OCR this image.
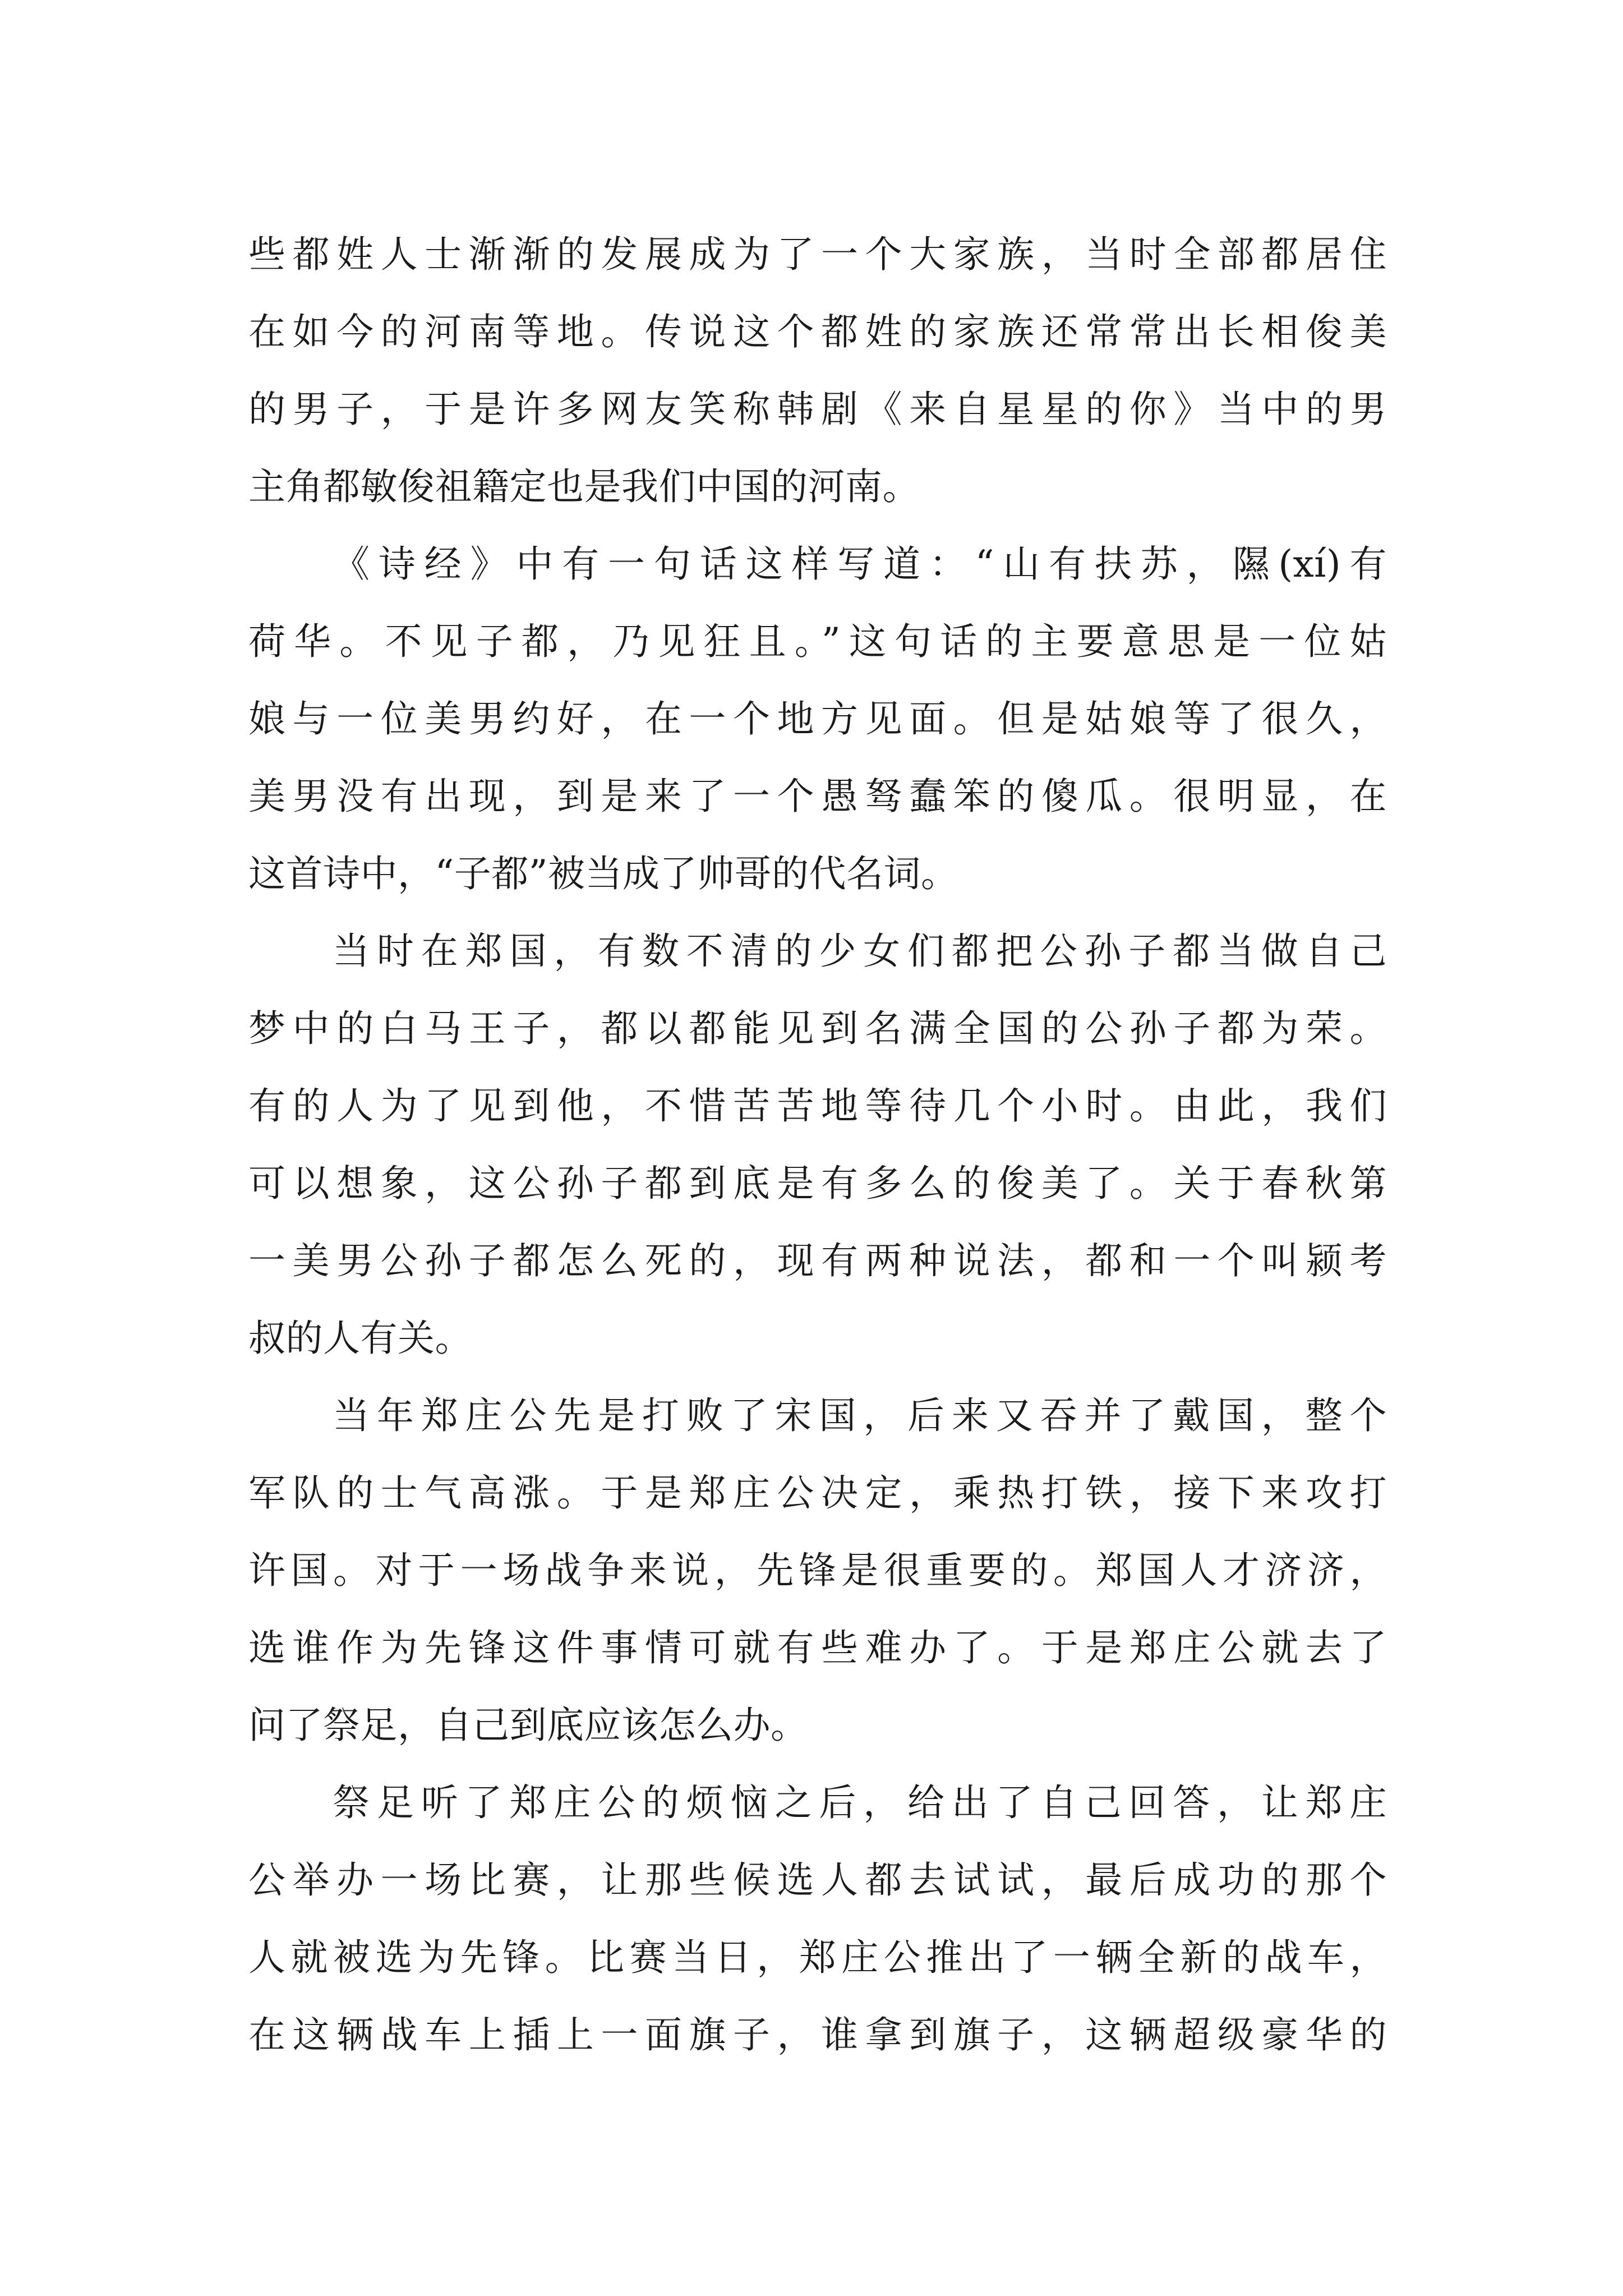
些都姓人士渐渐的发展成为了一个大家族，当时全部都居住
在如今的河南等地。传说这个都姓的家族还常常出长相俊美
的男子，于是许多网友笑称韩剧《来自星星的你》当中的男
主角都敏俊祖籍定也是我们中国的河南。
《诗经》中有一句话这样写道：“山有扶苏，隰(xí)有
荷华。不见子都，乃见狂且。”这句话的主要意思是一位姑
娘与一位美男约好，在一个地方见面。但是姑娘等了很久，
美男没有出现，到是来了一个愚驽蠢笨的傻瓜。很明显，在
这首诗中，“子都”被当成了帅哥的代名词。
当时在郑国，有数不清的少女们都把公孙子都当做自己
梦中的白马王子，都以都能见到名满全国的公孙子都为荣。
有的人为了见到他，不惜苦苦地等待几个小时。由此，我们
可以想象，这公孙子都到底是有多么的俊美了。关于春秋第
一美男公孙子都怎么死的，现有两种说法，都和一个叫颍考
叔的人有关。
当年郑庄公先是打败了宋国，后来又吞并了戴国，整个
军队的士气高涨。于是郑庄公决定，乘热打铁，接下来攻打
许国。对于一场战争来说，先锋是很重要的。郑国人才济济，
选谁作为先锋这件事情可就有些难办了。于是郑庄公就去了
问了祭足，自己到底应该怎么办。
祭足听了郑庄公的烦恼之后，给出了自己回答，让郑庄
公举办一场比赛，让那些候选人都去试试，最后成功的那个
人就被选为先锋。比赛当日，郑庄公推出了一辆全新的战车，
在这辆战车上插上一面旗子，谁拿到旗子，这辆超级豪华的
